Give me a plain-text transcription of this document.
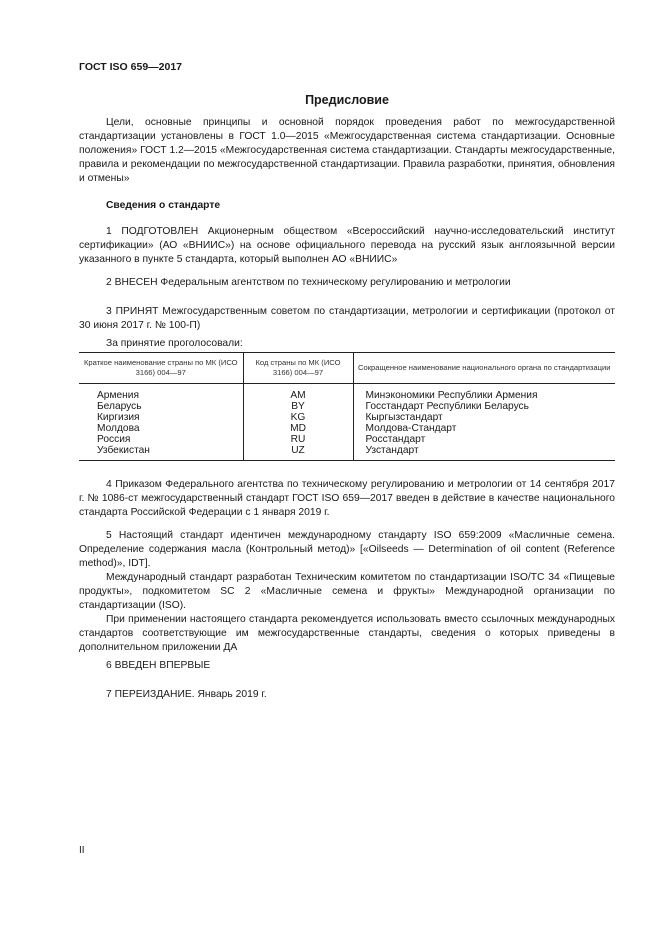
ГОСТ ISO 659—2017
Предисловие

Цели, основные принципы и основной порядок проведения работ по межгосударственной стандартизации установлены в ГОСТ 1.0—2015 «Межгосударственная система стандартизации. Основные положения» ГОСТ 1.2—2015 «Межгосударственная система стандартизации. Стандарты межгосударственные, правила и рекомендации по межгосударственной стандартизации. Правила разработки, принятия, обновления и отмены»

Сведения о стандарте

1 ПОДГОТОВЛЕН Акционерным обществом «Всероссийский научно-исследовательский институт сертификации» (АО «ВНИИС») на основе официального перевода на русский язык англоязычной версии указанного в пункте 5 стандарта, который выполнен АО «ВНИИС»

2 ВНЕСЕН Федеральным агентством по техническому регулированию и метрологии

3 ПРИНЯТ Межгосударственным советом по стандартизации, метрологии и сертификации (протокол от 30 июня 2017 г. № 100-П)

За принятие проголосовали:
Краткое наименование страны по МК (ИСО 3166) 004—97	Код страны по МК (ИСО 3166) 004—97	Сокращенное наименование национального органа по стандартизации
Армения	AM	Минэкономики Республики Армения
Беларусь	BY	Госстандарт Республики Беларусь
Киргизия	KG	Кыргызстандарт
Молдова	MD	Молдова-Стандарт
Россия	RU	Росстандарт
Узбекистан	UZ	Узстандарт

4 Приказом Федерального агентства по техническому регулированию и метрологии от 14 сентября 2017 г. № 1086-ст межгосударственный стандарт ГОСТ ISO 659—2017 введен в действие в качестве национального стандарта Российской Федерации с 1 января 2019 г.

5 Настоящий стандарт идентичен международному стандарту ISO 659:2009 «Масличные семена. Определение содержания масла (Контрольный метод)» [«Oilseeds — Determination of oil content (Reference method)», IDT].

Международный стандарт разработан Техническим комитетом по стандартизации ISO/TC 34 «Пищевые продукты», подкомитетом SC 2 «Масличные семена и фрукты» Международной организации по стандартизации (ISO).

При применении настоящего стандарта рекомендуется использовать вместо ссылочных международных стандартов соответствующие им межгосударственные стандарты, сведения о которых приведены в дополнительном приложении ДА

6 ВВЕДЕН ВПЕРВЫЕ

7 ПЕРЕИЗДАНИЕ. Январь 2019 г.

II
